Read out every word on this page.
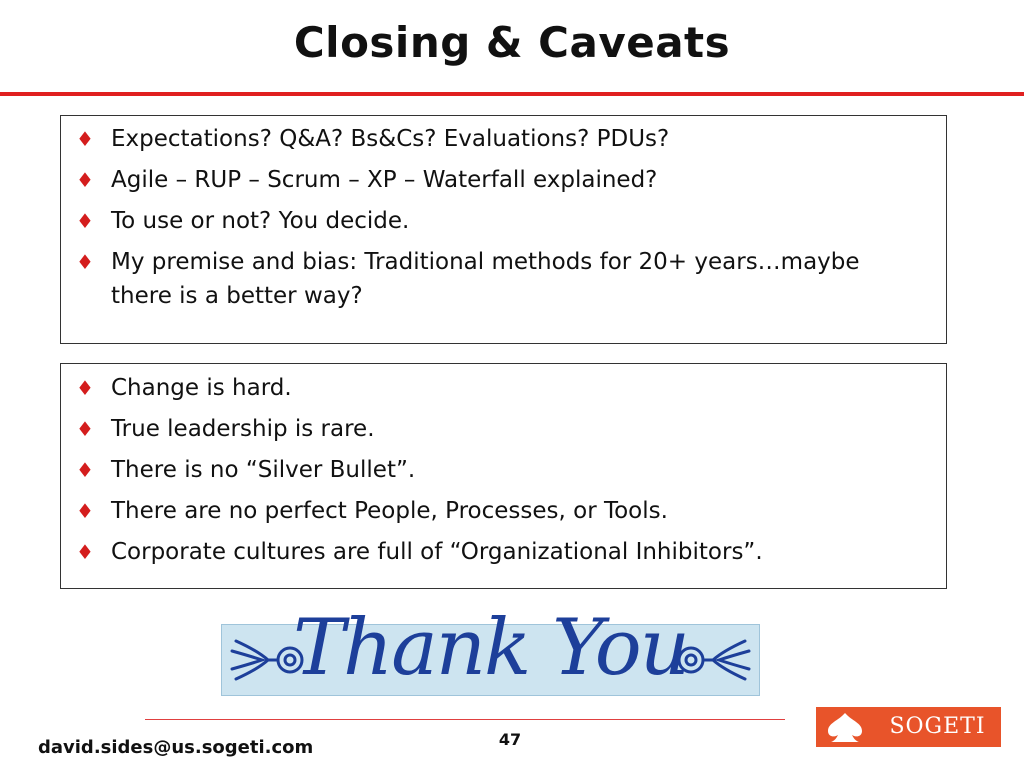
Closing & Caveats
♦ Expectations? Q&A? Bs&Cs? Evaluations? PDUs?
♦ Agile – RUP – Scrum – XP – Waterfall explained?
♦ To use or not? You decide.
♦ My premise and bias: Traditional methods for 20+ years…maybe there is a better way?
♦ Change is hard.
♦ True leadership is rare.
♦ There is no “Silver Bullet”.
♦ There are no perfect People, Processes, or Tools.
♦ Corporate cultures are full of “Organizational Inhibitors”.
Thank You
david.sides@us.sogeti.com	47
SOGETI
